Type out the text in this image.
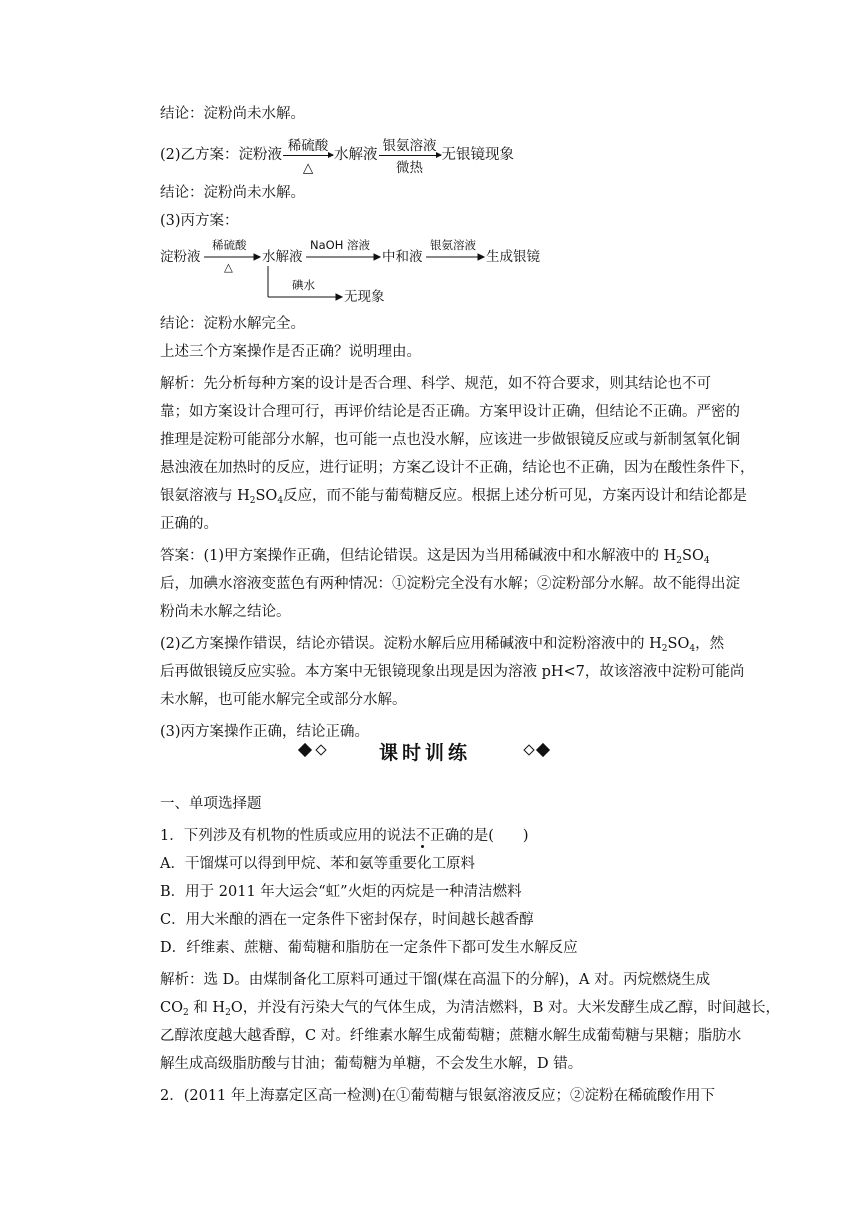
结论：淀粉尚未水解。
(2)乙方案：淀粉液
稀硫酸
△
水解液
银氨溶液
微热
无银镜现象
结论：淀粉尚未水解。
(3)丙方案：
淀粉液
稀硫酸
△
水解液
NaOH 溶液
中和液
银氨溶液
生成银镜
碘水
无现象
结论：淀粉水解完全。
上述三个方案操作是否正确？说明理由。
解析：先分析每种方案的设计是否合理、科学、规范，如不符合要求，则其结论也不可
靠；如方案设计合理可行，再评价结论是否正确。方案甲设计正确，但结论不正确。严密的
推理是淀粉可能部分水解，也可能一点也没水解，应该进一步做银镜反应或与新制氢氧化铜
悬浊液在加热时的反应，进行证明；方案乙设计不正确，结论也不正确，因为在酸性条件下，
银氨溶液与 $H_2SO_4$反应，而不能与葡萄糖反应。根据上述分析可见，方案丙设计和结论都是
正确的。
答案：(1)甲方案操作正确，但结论错误。这是因为当用稀碱液中和水解液中的 $H_2SO_4$
后，加碘水溶液变蓝色有两种情况：①淀粉完全没有水解；②淀粉部分水解。故不能得出淀
粉尚未水解之结论。
(2)乙方案操作错误，结论亦错误。淀粉水解后应用稀碱液中和淀粉溶液中的 $H_2SO_4$，然
后再做银镜反应实验。本方案中无银镜现象出现是因为溶液 pH<7，故该溶液中淀粉可能尚
未水解，也可能水解完全或部分水解。
(3)丙方案操作正确，结论正确。
课时训练
一、单项选择题
1．下列涉及有机物的性质或应用的说法不正确的是(　　)
A．干馏煤可以得到甲烷、苯和氨等重要化工原料
B．用于 2011 年大运会“虹”火炬的丙烷是一种清洁燃料
C．用大米酿的酒在一定条件下密封保存，时间越长越香醇
D．纤维素、蔗糖、葡萄糖和脂肪在一定条件下都可发生水解反应
解析：选 D。由煤制备化工原料可通过干馏(煤在高温下的分解)，A 对。丙烷燃烧生成
$CO_2$ 和 $H_2O$，并没有污染大气的气体生成，为清洁燃料，B 对。大米发酵生成乙醇，时间越长，
乙醇浓度越大越香醇，C 对。纤维素水解生成葡萄糖；蔗糖水解生成葡萄糖与果糖；脂肪水
解生成高级脂肪酸与甘油；葡萄糖为单糖，不会发生水解，D 错。
2．(2011 年上海嘉定区高一检测)在①葡萄糖与银氨溶液反应；②淀粉在稀硫酸作用下
